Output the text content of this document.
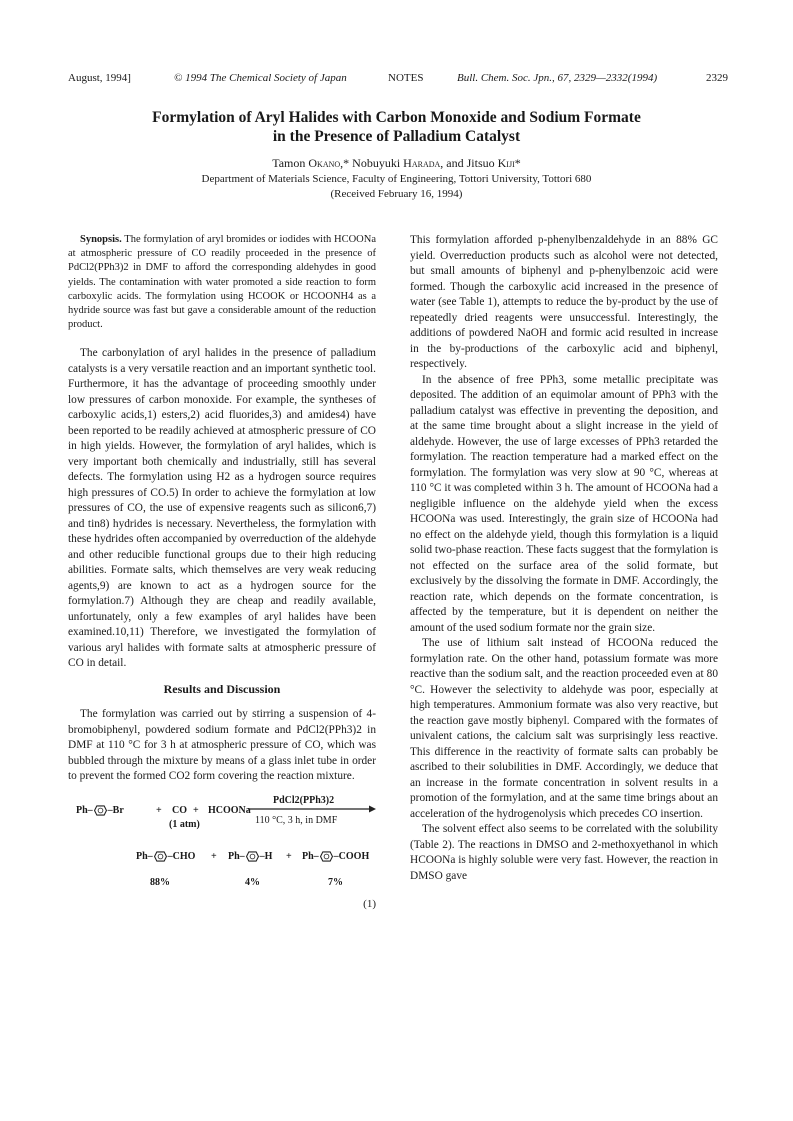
August, 1994]	© 1994 The Chemical Society of Japan	NOTES	Bull. Chem. Soc. Jpn., 67, 2329—2332(1994)	2329
Formylation of Aryl Halides with Carbon Monoxide and Sodium Formate
in the Presence of Palladium Catalyst
Tamon Okano,* Nobuyuki Harada, and Jitsuo Kiji*
Department of Materials Science, Faculty of Engineering, Tottori University, Tottori 680
(Received February 16, 1994)

Synopsis. The formylation of aryl bromides or iodides with HCOONa at atmospheric pressure of CO readily proceeded in the presence of PdCl2(PPh3)2 in DMF to afford the corresponding aldehydes in good yields. The contamination with water promoted a side reaction to form carboxylic acids. The formylation using HCOOK or HCOONH4 as a hydride source was fast but gave a considerable amount of the reduction product.

The carbonylation of aryl halides in the presence of palladium catalysts is a very versatile reaction and an important synthetic tool. Furthermore, it has the advantage of proceeding smoothly under low pressures of carbon monoxide. For example, the syntheses of carboxylic acids,1) esters,2) acid fluorides,3) and amides4) have been reported to be readily achieved at atmospheric pressure of CO in high yields. However, the formylation of aryl halides, which is very important both chemically and industrially, still has several defects. The formylation using H2 as a hydrogen source requires high pressures of CO.5) In order to achieve the formylation at low pressures of CO, the use of expensive reagents such as silicon6,7) and tin8) hydrides is necessary. Nevertheless, the formylation with these hydrides often accompanied by overreduction of the aldehyde and other reducible functional groups due to their high reducing abilities. Formate salts, which themselves are very weak reducing agents,9) are known to act as a hydrogen source for the formylation.7) Although they are cheap and readily available, unfortunately, only a few examples of aryl halides have been examined.10,11) Therefore, we investigated the formylation of various aryl halides with formate salts at atmospheric pressure of CO in detail.

Results and Discussion

The formylation was carried out by stirring a suspension of 4-bromobiphenyl, powdered sodium formate and PdCl2(PPh3)2 in DMF at 110 °C for 3 h at atmospheric pressure of CO, which was bubbled through the mixture by means of a glass inlet tube in order to prevent the formed CO2 form covering the reaction mixture.

Ph– –Br	+ CO + HCOONa
(1 atm)
PdCl2(PPh3)2
110 °C, 3 h, in DMF
Ph– –CHO + Ph– –H + Ph– –COOH
88%	4%	7%
(1)

This formylation afforded p-phenylbenzaldehyde in an 88% GC yield. Overreduction products such as alcohol were not detected, but small amounts of biphenyl and p-phenylbenzoic acid were formed. Though the carboxylic acid increased in the presence of water (see Table 1), attempts to reduce the by-product by the use of repeatedly dried reagents were unsuccessful. Interestingly, the additions of powdered NaOH and formic acid resulted in increase in the by-productions of the carboxylic acid and biphenyl, respectively.

In the absence of free PPh3, some metallic precipitate was deposited. The addition of an equimolar amount of PPh3 with the palladium catalyst was effective in preventing the deposition, and at the same time brought about a slight increase in the yield of aldehyde. However, the use of large excesses of PPh3 retarded the formylation. The reaction temperature had a marked effect on the formylation. The formylation was very slow at 90 °C, whereas at 110 °C it was completed within 3 h. The amount of HCOONa had a negligible influence on the aldehyde yield when the excess HCOONa was used. Interestingly, the grain size of HCOONa had no effect on the aldehyde yield, though this formylation is a liquid solid two-phase reaction. These facts suggest that the formylation is not effected on the surface area of the solid formate, but exclusively by the dissolving the formate in DMF. Accordingly, the reaction rate, which depends on the formate concentration, is affected by the temperature, but it is dependent on neither the amount of the used sodium formate nor the grain size.

The use of lithium salt instead of HCOONa reduced the formylation rate. On the other hand, potassium formate was more reactive than the sodium salt, and the reaction proceeded even at 80 °C. However the selectivity to aldehyde was poor, especially at high temperatures. Ammonium formate was also very reactive, but the reaction gave mostly biphenyl. Compared with the formates of univalent cations, the calcium salt was surprisingly less reactive. This difference in the reactivity of formate salts can probably be ascribed to their solubilities in DMF. Accordingly, we deduce that an increase in the formate concentration in solvent results in a promotion of the formylation, and at the same time brings about an acceleration of the hydrogenolysis which precedes CO insertion.

The solvent effect also seems to be correlated with the solubility (Table 2). The reactions in DMSO and 2-methoxyethanol in which HCOONa is highly soluble were very fast. However, the reaction in DMSO gave
